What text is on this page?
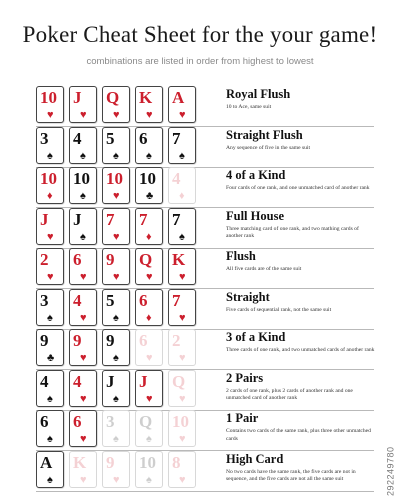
Poker Cheat Sheet for the your game!
combinations are listed in order from highest to lowest
10
♥
J
♥
Q
♥
K
♥
A
♥
Royal Flush
10 to Ace, same suit
3
♠
4
♠
5
♠
6
♠
7
♠
Straight Flush
Any sequence of five in the same suit
10
♦
10
♠
10
♥
10
♣
4
♦
4 of a Kind
Four cards of one rank, and one unmatched card of another rank
J
♥
J
♠
7
♥
7
♦
7
♠
Full House
Three matching card of one rank, and two mathing cards of another rank
2
♥
6
♥
9
♥
Q
♥
K
♥
Flush
All five cards are of the same suit
3
♠
4
♥
5
♠
6
♦
7
♥
Straight
Five cards of sequential rank, not the same suit
9
♣
9
♥
9
♠
6
♥
2
♥
3 of a Kind
Three cards of one rank, and two unmatched cards of another rank
4
♠
4
♥
J
♠
J
♥
Q
♥
2 Pairs
2 cards of one rank, plus 2 cards of another rank and one unmatched card of another rank
6
♠
6
♥
3
♠
Q
♠
10
♥
1 Pair
Contains two cards of the same rank, plus three other unmatched cards
A
♠
K
♥
9
♥
10
♠
8
♥
High Card
No two cards have the same rank, the five cards are not in sequence, and the five cards are not all the same suit	292249780
